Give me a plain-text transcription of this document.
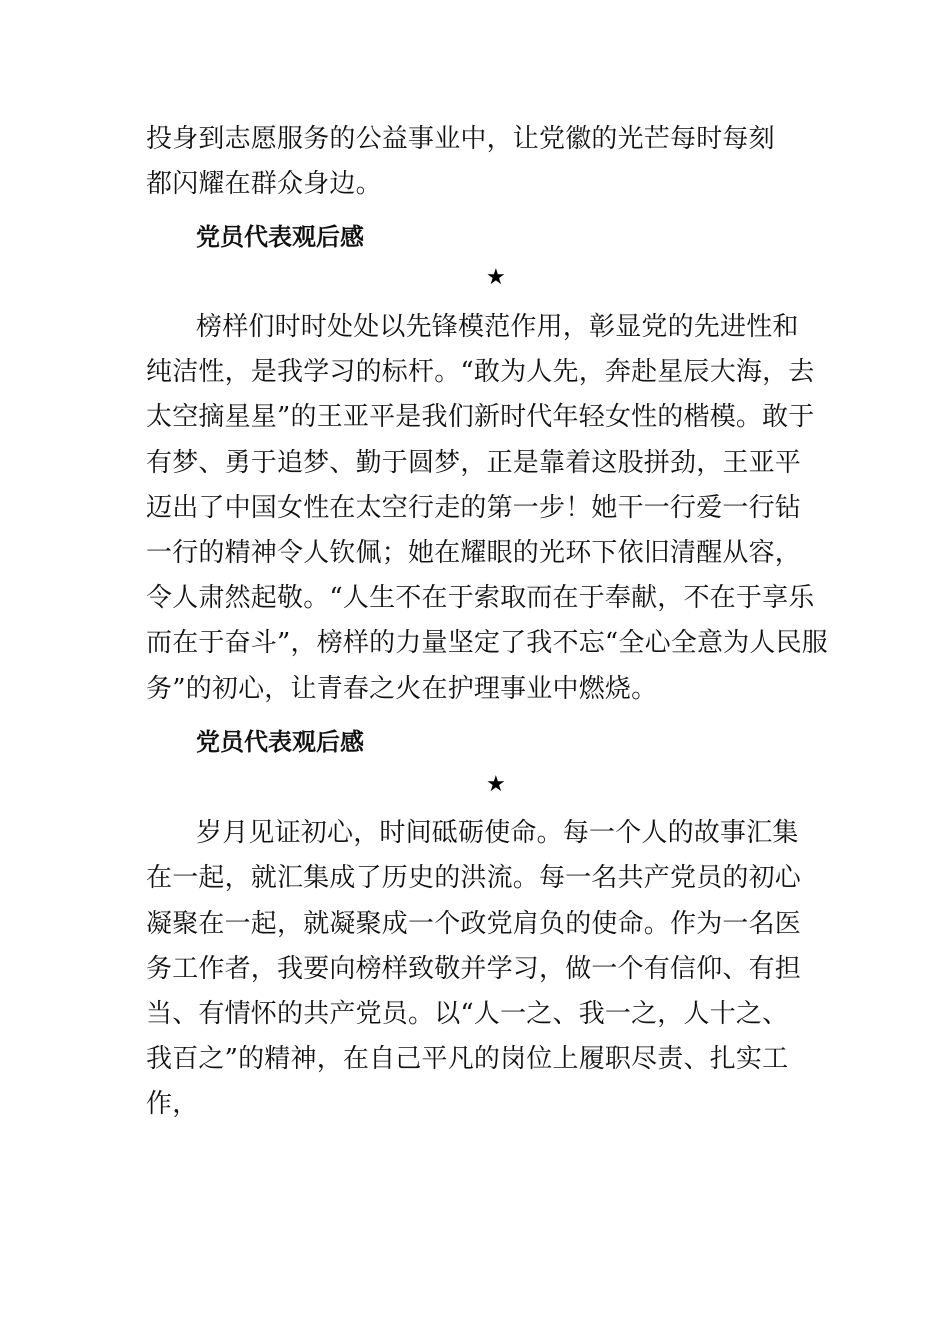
投身到志愿服务的公益事业中，让党徽的光芒每时每刻
都闪耀在群众身边。
党员代表观后感
★
榜样们时时处处以先锋模范作用，彰显党的先进性和
纯洁性，是我学习的标杆。“敢为人先，奔赴星辰大海，去
太空摘星星”的王亚平是我们新时代年轻女性的楷模。敢于
有梦、勇于追梦、勤于圆梦，正是靠着这股拼劲，王亚平
迈出了中国女性在太空行走的第一步！她干一行爱一行钻
一行的精神令人钦佩；她在耀眼的光环下依旧清醒从容，
令人肃然起敬。“人生不在于索取而在于奉献，不在于享乐
而在于奋斗”，榜样的力量坚定了我不忘“全心全意为人民服
务”的初心，让青春之火在护理事业中燃烧。
党员代表观后感
★
岁月见证初心，时间砥砺使命。每一个人的故事汇集
在一起，就汇集成了历史的洪流。每一名共产党员的初心
凝聚在一起，就凝聚成一个政党肩负的使命。作为一名医
务工作者，我要向榜样致敬并学习，做一个有信仰、有担
当、有情怀的共产党员。以“人一之、我一之，人十之、
我百之”的精神，在自己平凡的岗位上履职尽责、扎实工
作，
